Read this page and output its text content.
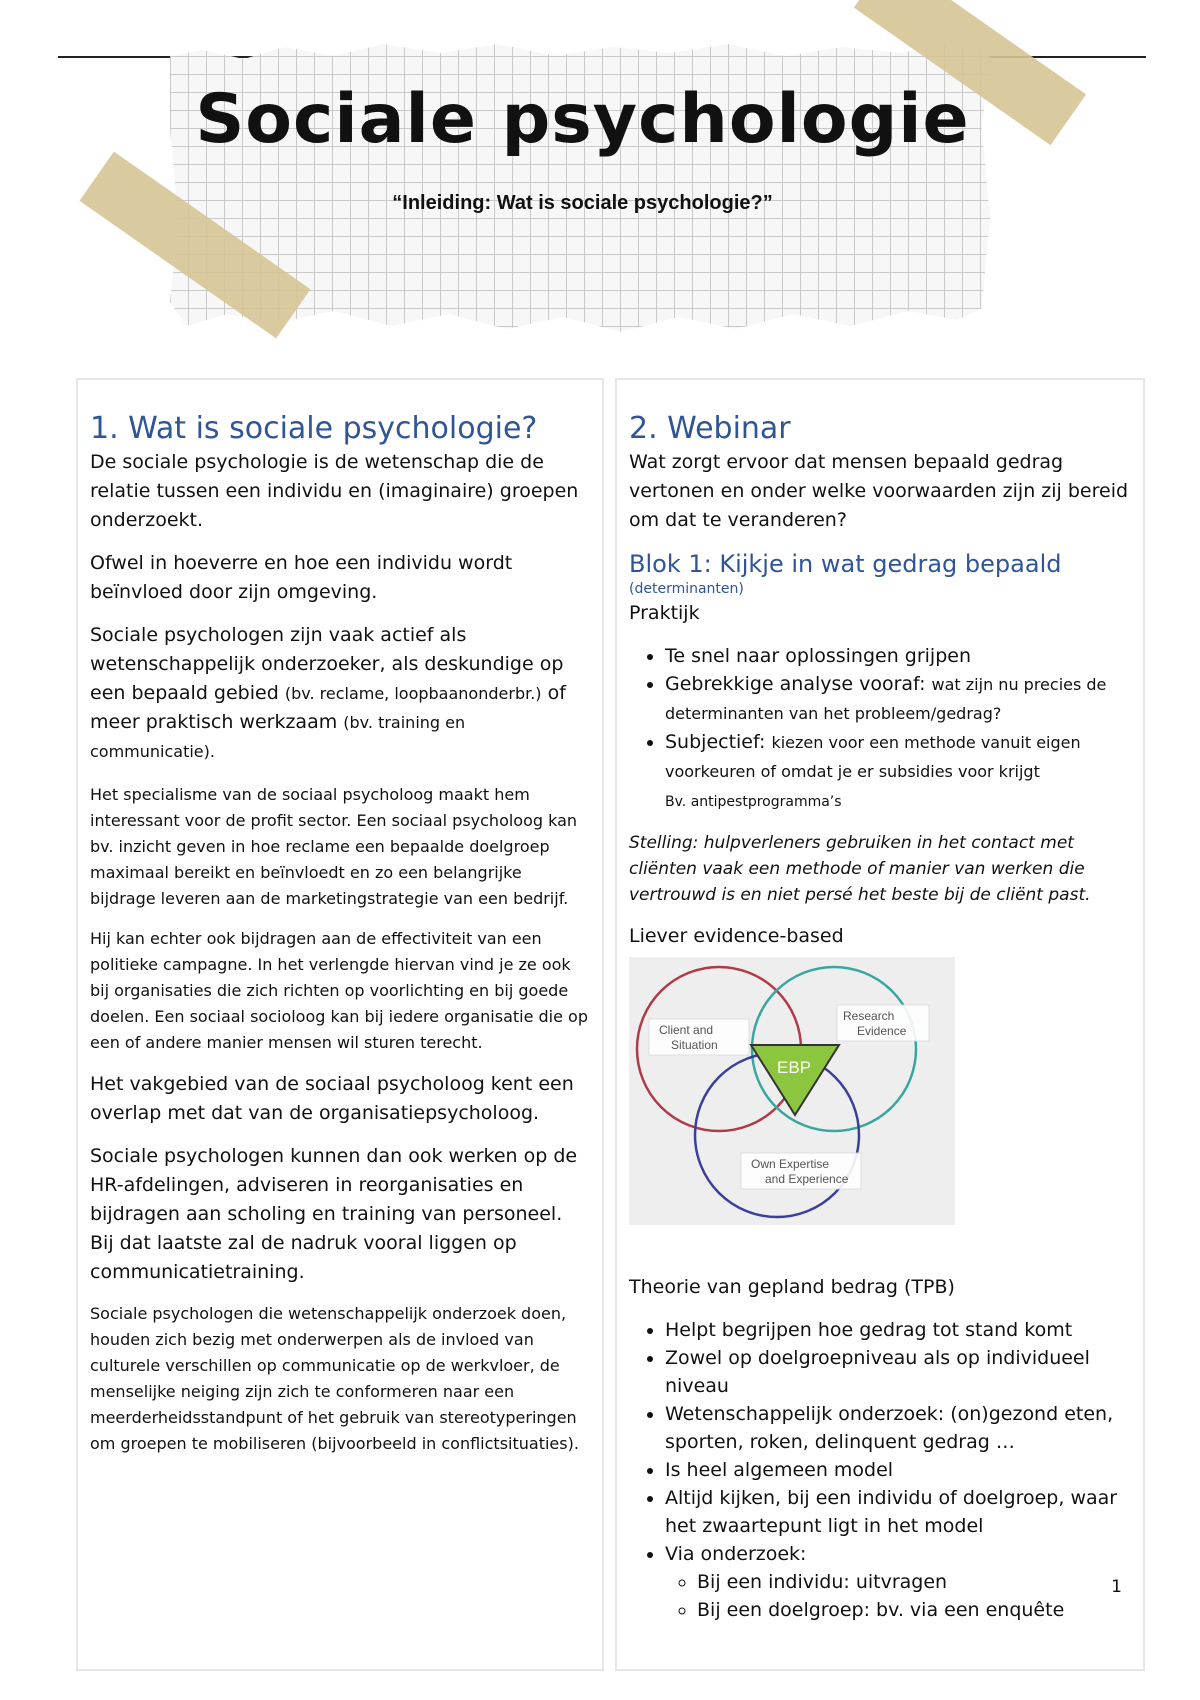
Sociale psychologie
“Inleiding: Wat is sociale psychologie?”
1. Wat is sociale psychologie?

De sociale psychologie is de wetenschap die de relatie tussen een individu en (imaginaire) groepen onderzoekt.

Ofwel in hoeverre en hoe een individu wordt beïnvloed door zijn omgeving.

Sociale psychologen zijn vaak actief als wetenschappelijk onderzoeker, als deskundige op een bepaald gebied (bv. reclame, loopbaanonderbr.) of meer praktisch werkzaam (bv. training en communicatie).

Het specialisme van de sociaal psycholoog maakt hem interessant voor de profit sector. Een sociaal psycholoog kan bv. inzicht geven in hoe reclame een bepaalde doelgroep maximaal bereikt en beïnvloedt en zo een belangrijke bijdrage leveren aan de marketingstrategie van een bedrijf.

Hij kan echter ook bijdragen aan de effectiviteit van een politieke campagne. In het verlengde hiervan vind je ze ook bij organisaties die zich richten op voorlichting en bij goede doelen. Een sociaal socioloog kan bij iedere organisatie die op een of andere manier mensen wil sturen terecht.

Het vakgebied van de sociaal psycholoog kent een overlap met dat van de organisatiepsycholoog.

Sociale psychologen kunnen dan ook werken op de HR-afdelingen, adviseren in reorganisaties en bijdragen aan scholing en training van personeel. Bij dat laatste zal de nadruk vooral liggen op communicatietraining.

Sociale psychologen die wetenschappelijk onderzoek doen, houden zich bezig met onderwerpen als de invloed van culturele verschillen op communicatie op de werkvloer, de menselijke neiging zijn zich te conformeren naar een meerderheidsstandpunt of het gebruik van stereotyperingen om groepen te mobiliseren (bijvoorbeeld in conflictsituaties).

2. Webinar

Wat zorgt ervoor dat mensen bepaald gedrag vertonen en onder welke voorwaarden zijn zij bereid om dat te veranderen?

Blok 1: Kijkje in wat gedrag bepaald
(determinanten)

Praktijk

• Te snel naar oplossingen grijpen
• Gebrekkige analyse vooraf: wat zijn nu precies de determinanten van het probleem/gedrag?
• Subjectief: kiezen voor een methode vanuit eigen voorkeuren of omdat je er subsidies voor krijgt
Bv. antipestprogramma’s

Stelling: hulpverleners gebruiken in het contact met cliënten vaak een methode of manier van werken die vertrouwd is en niet persé het beste bij de cliënt past.

Liever evidence-based

Client and
Situation
Research
Evidence
Own Expertise
and Experience
EBP

Theorie van gepland bedrag (TPB)

• Helpt begrijpen hoe gedrag tot stand komt
• Zowel op doelgroepniveau als op individueel niveau
• Wetenschappelijk onderzoek: (on)gezond eten, sporten, roken, delinquent gedrag …
• Is heel algemeen model
• Altijd kijken, bij een individu of doelgroep, waar het zwaartepunt ligt in het model
• Via onderzoek:
◦ Bij een individu: uitvragen
◦ Bij een doelgroep: bv. via een enquête
1
